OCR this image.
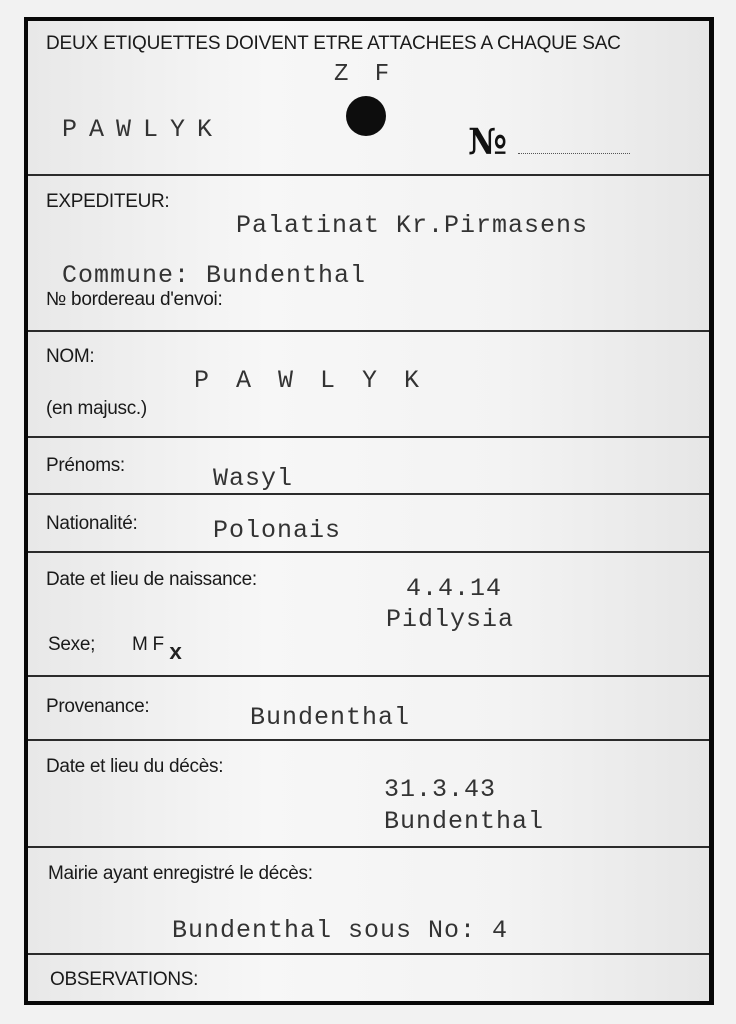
DEUX ETIQUETTES DOIVENT ETRE ATTACHEES A CHAQUE SAC
Z F
PAWLYK	№
EXPEDITEUR:
Palatinat Kr.Pirmasens
Commune: Bundenthal
№ bordereau d'envoi:
NOM:
P A W L Y K
(en majusc.)
Prénoms:	Wasyl
Nationalité:	Polonais
Date et lieu de naissance:	4.4.14
Pidlysia
Sexe; M F x
Provenance:	Bundenthal
Date et lieu du décès:
31.3.43
Bundenthal
Mairie ayant enregistré le décès:
Bundenthal sous No: 4
OBSERVATIONS:
